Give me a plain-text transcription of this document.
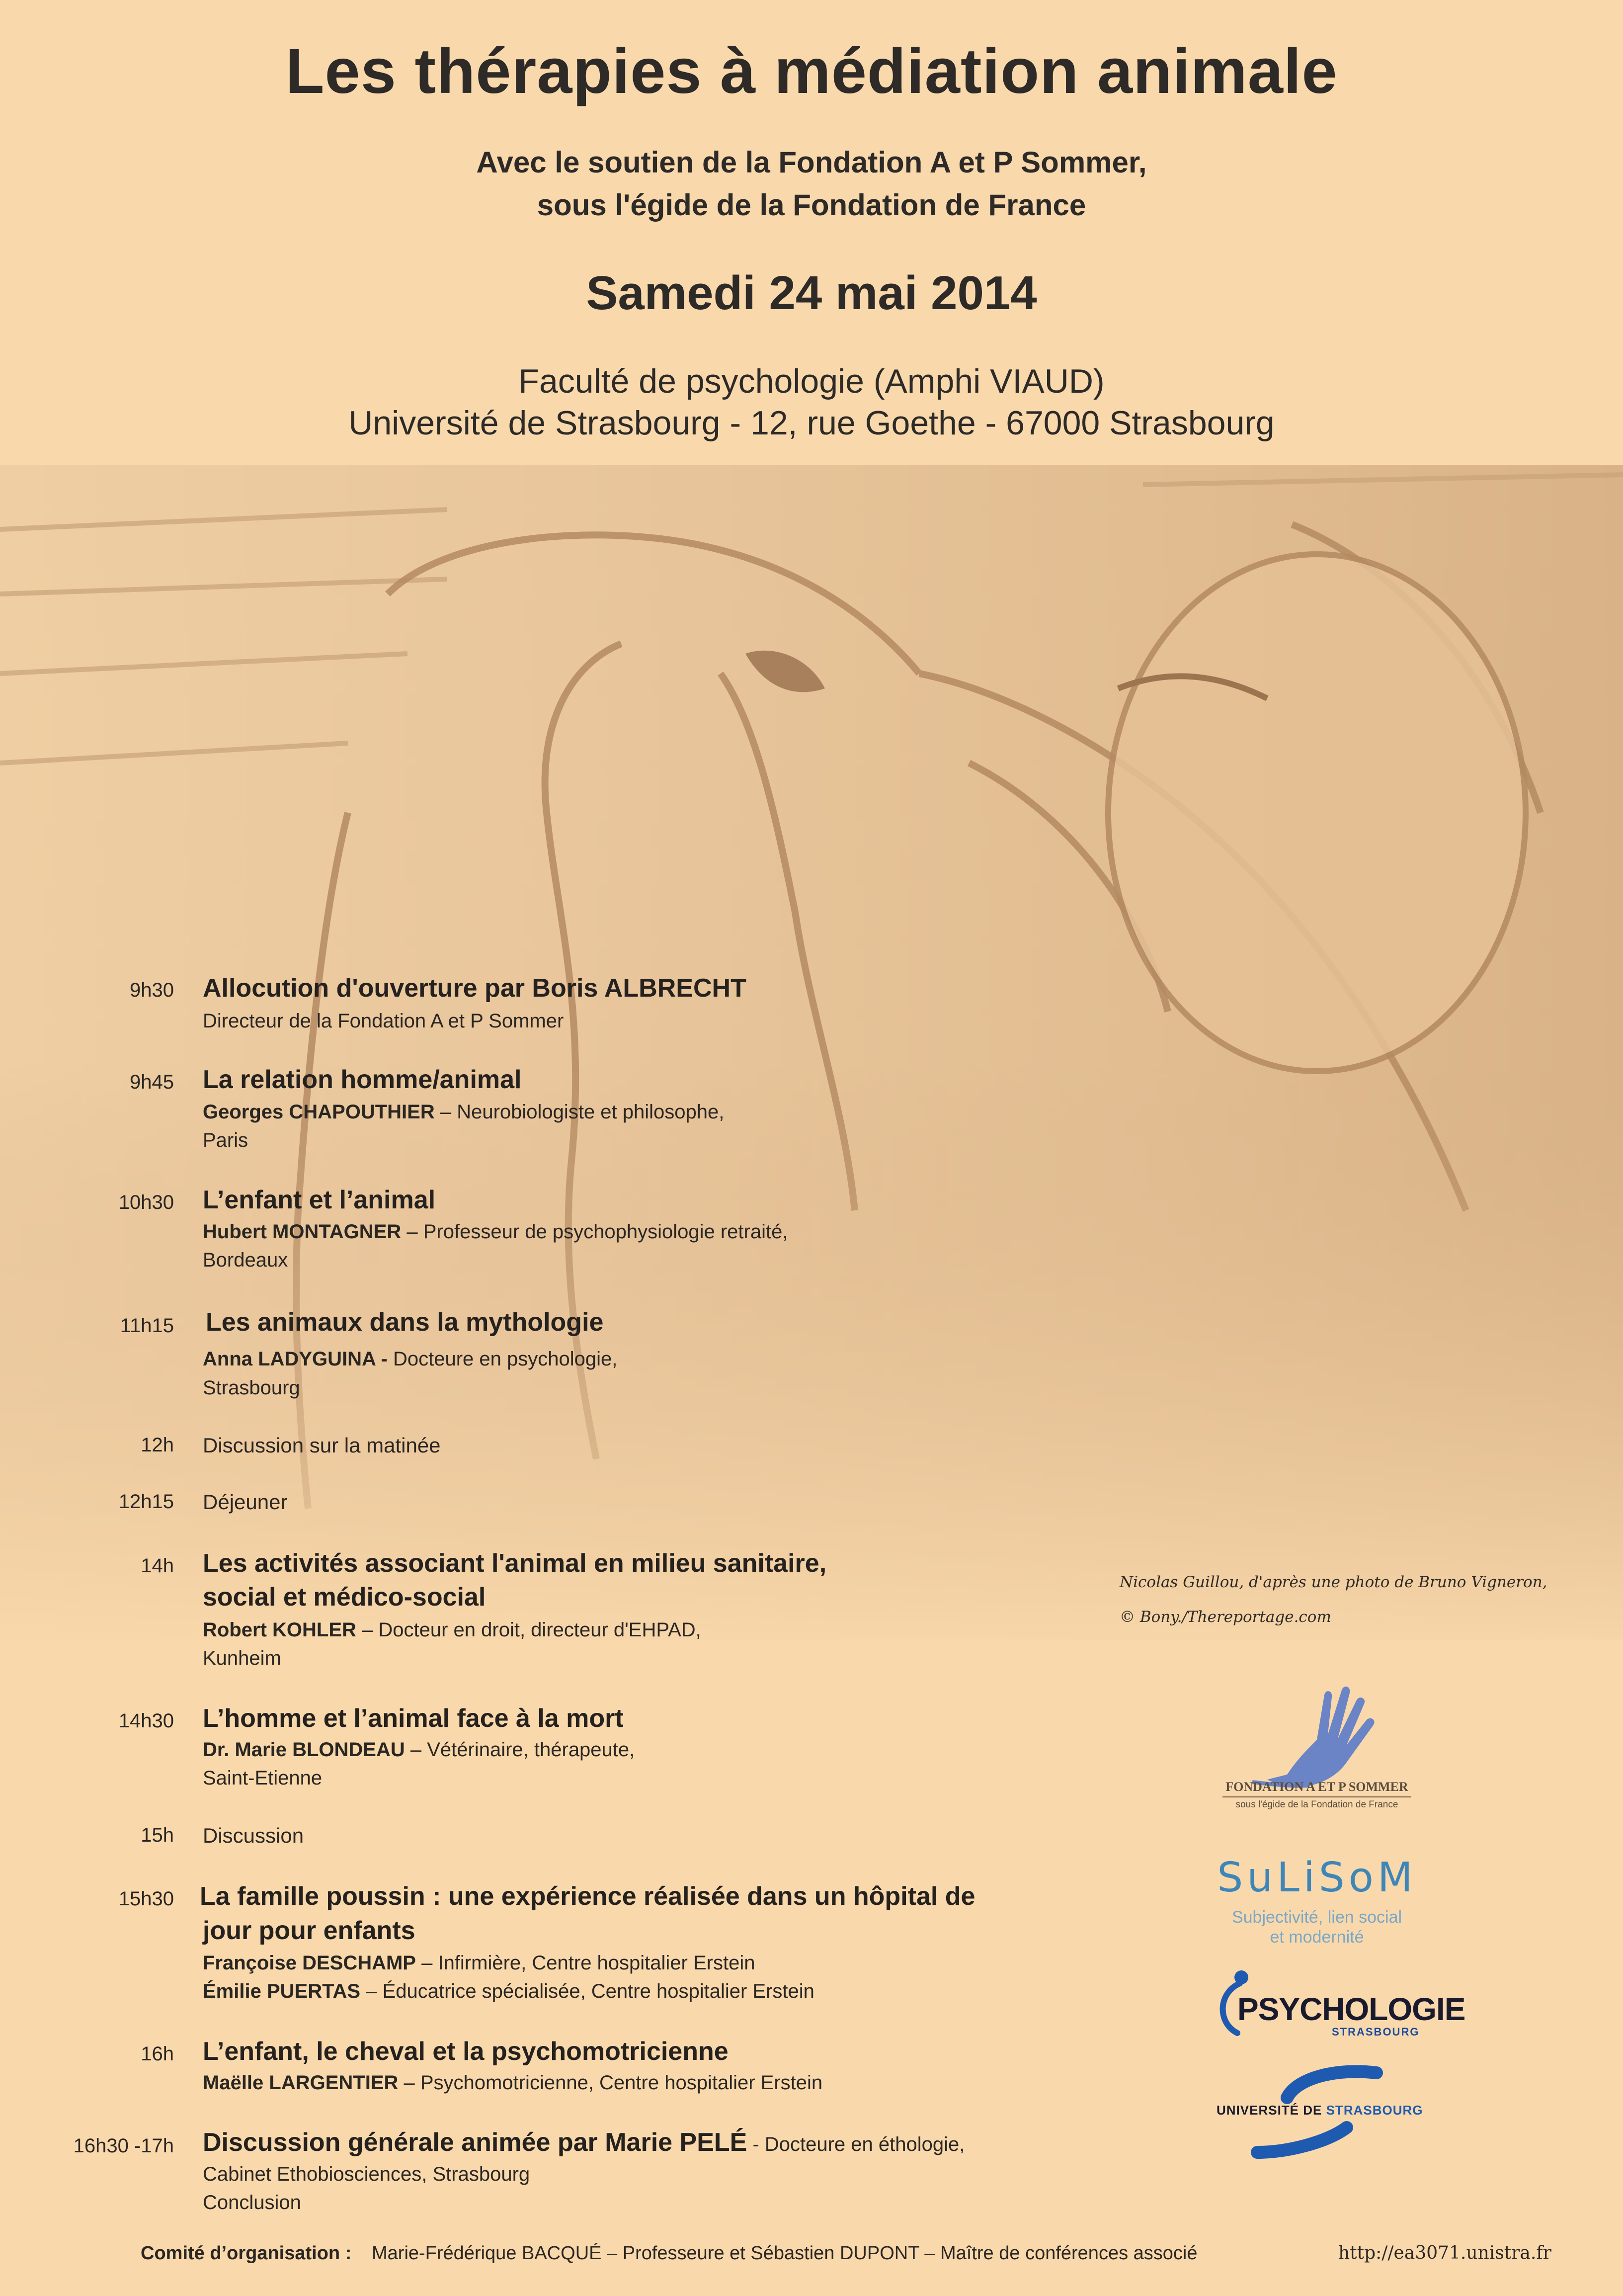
Les thérapies à médiation animale
Avec le soutien de la Fondation A et P Sommer,
sous l'égide de la Fondation de France
Samedi 24 mai 2014
Faculté de psychologie (Amphi VIAUD)
Université de Strasbourg - 12, rue Goethe - 67000 Strasbourg
Nicolas Guillou, d'après une photo de Bruno Vigneron,
© Bony./Thereportage.com
9h30 Allocution d'ouverture par Boris ALBRECHT
Directeur de la Fondation A et P Sommer
9h45 La relation homme/animal
Georges CHAPOUTHIER – Neurobiologiste et philosophe,
Paris
10h30 L’enfant et l’animal
Hubert MONTAGNER – Professeur de psychophysiologie retraité,
Bordeaux
11h15 Les animaux dans la mythologie
Anna LADYGUINA - Docteure en psychologie,
Strasbourg
12h Discussion sur la matinée
12h15 Déjeuner
14h Les activités associant l'animal en milieu sanitaire,
social et médico-social
Robert KOHLER – Docteur en droit, directeur d'EHPAD,
Kunheim
14h30 L’homme et l’animal face à la mort
Dr. Marie BLONDEAU – Vétérinaire, thérapeute,
Saint-Etienne
15h Discussion
15h30 La famille poussin : une expérience réalisée dans un hôpital de
jour pour enfants
Françoise DESCHAMP – Infirmière, Centre hospitalier Erstein
Émilie PUERTAS – Éducatrice spécialisée, Centre hospitalier Erstein
16h L’enfant, le cheval et la psychomotricienne
Maëlle LARGENTIER – Psychomotricienne, Centre hospitalier Erstein
16h30 -17h Discussion générale animée par Marie PELÉ - Docteure en éthologie,
Cabinet Ethobiosciences, Strasbourg
Conclusion
FONDATION A ET P SOMMER
sous l'égide de la Fondation de France
SuLiSoM
Subjectivité, lien social
et modernité
PSYCHOLOGIE
STRASBOURG
UNIVERSITÉ DE STRASBOURG
Comité d’organisation : Marie-Frédérique BACQUÉ – Professeure et Sébastien DUPONT – Maître de conférences associé	http://ea3071.unistra.fr
